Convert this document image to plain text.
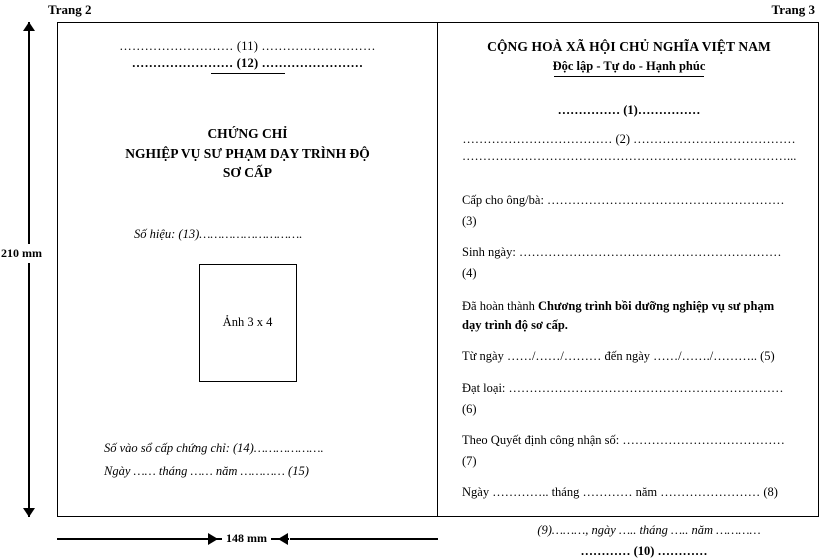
Trang 2	Trang 3
210 mm
……………………… (11) ………………………
…………………… (12) ……………………
CHỨNG CHỈ
NGHIỆP VỤ SƯ PHẠM DẠY TRÌNH ĐỘ
SƠ CẤP
Số hiệu: (13)……………………….
Ảnh 3 x 4
Số vào sổ cấp chứng chỉ: (14)……………….
Ngày …… tháng …… năm ………… (15)
CỘNG HOÀ XÃ HỘI CHỦ NGHĨA VIỆT NAM
Độc lập - Tự do - Hạnh phúc
…………… (1)……………
……………………………… (2) …………………………………
……………………………………………………………………...
Cấp cho ông/bà: ………………………………………………… (3)
Sinh ngày: ……………………………………………………… (4)
Đã hoàn thành Chương trình bồi dưỡng nghiệp vụ sư phạm dạy trình độ sơ cấp.
Từ ngày ……/……/……… đến ngày ……/……./……….. (5)
Đạt loại: ………………………………………………………… (6)
Theo Quyết định công nhận số: ………………………………… (7)
Ngày ………….. tháng ………… năm …………………… (8)
(9)………, ngày ….. tháng ….. năm …………
………… (10) …………
148 mm
